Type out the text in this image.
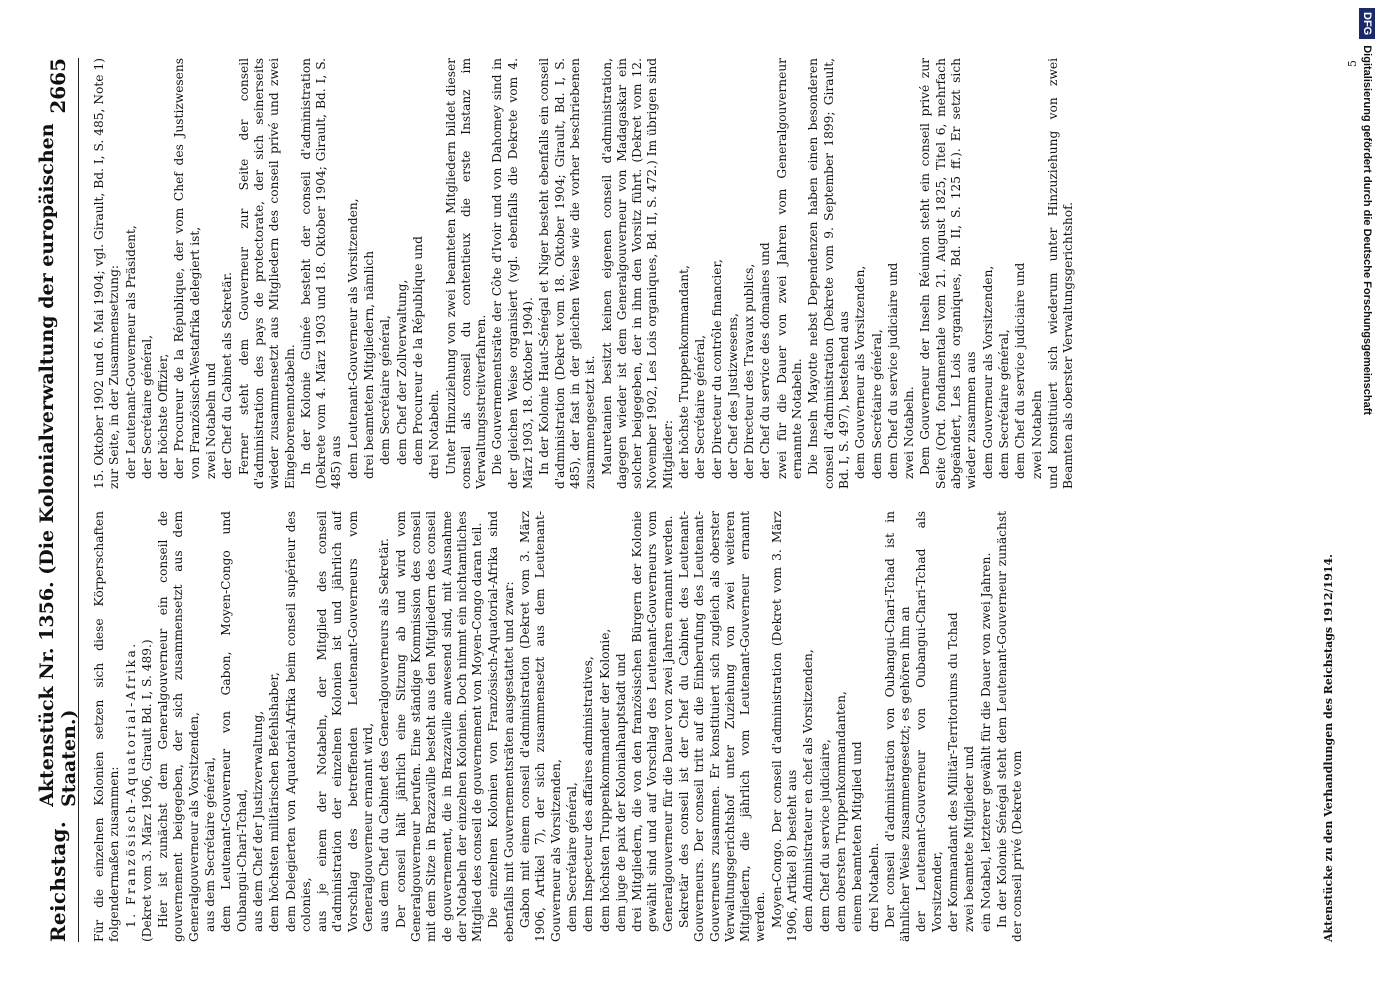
DFGDigitalisierung gefördert durch die Deutsche Forschungsgemeinschaft
Reichstag.
Aktenstück Nr. 1356. (Die Kolonialverwaltung der europäischen Staaten.)
2665

Für die einzelnen Kolonien setzen sich diese Körperschaften folgendermaßen zusammen: 1. Französisch-Aquatorial-Afrika. (Dekret vom 3. März 1906, Girault Bd. I, S. 489.) Hier ist zunächst dem Generalgouverneur ein conseil de gouvernement beigegeben, der sich zusammensetzt aus dem Generalgouverneur als Vorsitzenden, aus dem Secrétaire général, dem Leutenant-Gouverneur von Gabon, Moyen-Congo und Oubangui-Chari-Tchad, aus dem Chef der Justizverwaltung, dem höchsten militärischen Befehlshaber, dem Delegierten von Aquatorial-Afrika beim conseil supérieur des colonies, aus je einem der Notabeln, der Mitglied des conseil d'administration der einzelnen Kolonien ist und jährlich auf Vorschlag des betreffenden Leutenant-Gouverneurs vom Generalgouverneur ernannt wird, aus dem Chef du Cabinet des Generalgouverneurs als Sekretär. Der conseil hält jährlich eine Sitzung ab und wird vom Generalgouverneur berufen. Eine ständige Kommission des conseil mit dem Sitze in Brazzaville besteht aus den Mitgliedern des conseil de gouvernement, die in Brazzaville anwesend sind, mit Ausnahme der Notabeln der einzelnen Kolonien. Doch nimmt ein nichtamtliches Mitglied des conseil de gouvernement von Moyen-Congo daran teil. Die einzelnen Kolonien von Französisch-Aquatorial-Afrika sind ebenfalls mit Gouvernementsräten ausgestattet und zwar: Gabon mit einem conseil d'administration (Dekret vom 3. März 1906, Artikel 7), der sich zusammensetzt aus dem Leutenant-Gouverneur als Vorsitzenden, dem Secrétaire général, dem Inspecteur des affaires administratives, dem höchsten Truppenkommandeur der Kolonie, dem juge de paix der Kolonialhauptstadt und drei Mitgliedern, die von den französischen Bürgern der Kolonie gewählt sind und auf Vorschlag des Leutenant-Gouverneurs vom Generalgouverneur für die Dauer von zwei Jahren ernannt werden. Sekretär des conseil ist der Chef du Cabinet des Leutenant-Gouverneurs. Der conseil tritt auf die Einberufung des Leutenant-Gouverneurs zusammen. Er konstituiert sich zugleich als oberster Verwaltungsgerichtshof unter Zuziehung von zwei weiteren Mitgliedern, die jährlich vom Leutenant-Gouverneur ernannt werden. Moyen-Congo. Der conseil d'administration (Dekret vom 3. März 1906, Artikel 8) besteht aus dem Administrateur en chef als Vorsitzenden, dem Chef du service judiciaire, dem obersten Truppenkommandanten, einem beamteten Mitglied und drei Notabeln. Der conseil d'administration von Oubangui-Chari-Tchad ist in ähnlicher Weise zusammengesetzt; es gehören ihm an der Leutenant-Gouverneur von Oubangui-Chari-Tchad als Vorsitzender, der Kommandant des Militär-Territoriums du Tchad zwei beamtete Mitglieder und ein Notabel, letzterer gewählt für die Dauer von zwei Jahren. In der Kolonie Sénégal steht dem Leutenant-Gouverneur zunächst der conseil privé (Dekrete vom

15. Oktober 1902 und 6. Mai 1904; vgl. Girault, Bd. I, S. 485, Note 1) zur Seite, in der Zusammensetzung: der Leutenant-Gouverneur als Präsident, der Secrétaire général, der höchste Offizier, der Procureur de la République, der vom Chef des Justizwesens von Französisch-Westafrika delegiert ist, zwei Notabeln und der Chef du Cabinet als Sekretär. Ferner steht dem Gouverneur zur Seite der conseil d'administration des pays de protectorate, der sich seinerseits wieder zusammensetzt aus Mitgliedern des conseil privé und zwei Eingeborenennotabeln. In der Kolonie Guinée besteht der conseil d'administration (Dekrete vom 4. März 1903 und 18. Oktober 1904; Girault, Bd. I, S. 485) aus dem Leutenant-Gouverneur als Vorsitzenden, drei beamteten Mitgliedern, nämlich dem Secrétaire général, dem Chef der Zollverwaltung, dem Procureur de la République und drei Notabeln. Unter Hinzuziehung von zwei beamteten Mitgliedern bildet dieser conseil als conseil du contentieux die erste Instanz im Verwaltungsstreitverfahren. Die Gouvernementsräte der Côte d'Ivoir und von Dahomey sind in der gleichen Weise organisiert (vgl. ebenfalls die Dekrete vom 4. März 1903, 18. Oktober 1904). In der Kolonie Haut-Sénégal et Niger besteht ebenfalls ein conseil d'administration (Dekret vom 18. Oktober 1904; Girault, Bd. I, S. 485), der fast in der gleichen Weise wie die vorher beschriebenen zusammengesetzt ist. Mauretanien besitzt keinen eigenen conseil d'administration, dagegen wieder ist dem Generalgouverneur von Madagaskar ein solcher beigegeben, der in ihm den Vorsitz führt. (Dekret vom 12. November 1902, Les Lois organiques, Bd. II, S. 472.) Im übrigen sind Mitglieder: der höchste Truppenkommandant, der Secrétaire général, der Directeur du contrôle financier, der Chef des Justizwesens, der Directeur des Travaux publics, der Chef du service des domaines und zwei für die Dauer von zwei Jahren vom Generalgouverneur ernannte Notabeln. Die Inseln Mayotte nebst Dependenzen haben einen besonderen conseil d'administration (Dekrete vom 9. September 1899; Girault, Bd. I, S. 497), bestehend aus dem Gouverneur als Vorsitzenden, dem Secrétaire général, dem Chef du service judiciaire und zwei Notabeln. Dem Gouverneur der Inseln Réunion steht ein conseil privé zur Seite (Ord. fondamentale vom 21. August 1825, Titel 6, mehrfach abgeändert, Les Lois organiques, Bd. II, S. 125 ff.). Er setzt sich wieder zusammen aus dem Gouverneur als Vorsitzenden, dem Secrétaire général, dem Chef du service judiciaire und zwei Notabeln und konstituiert sich wiederum unter Hinzuziehung von zwei Beamten als oberster Verwaltungsgerichtshof.

Aktenstücke zu den Verhandlungen des Reichstags 1912/1914.
5
